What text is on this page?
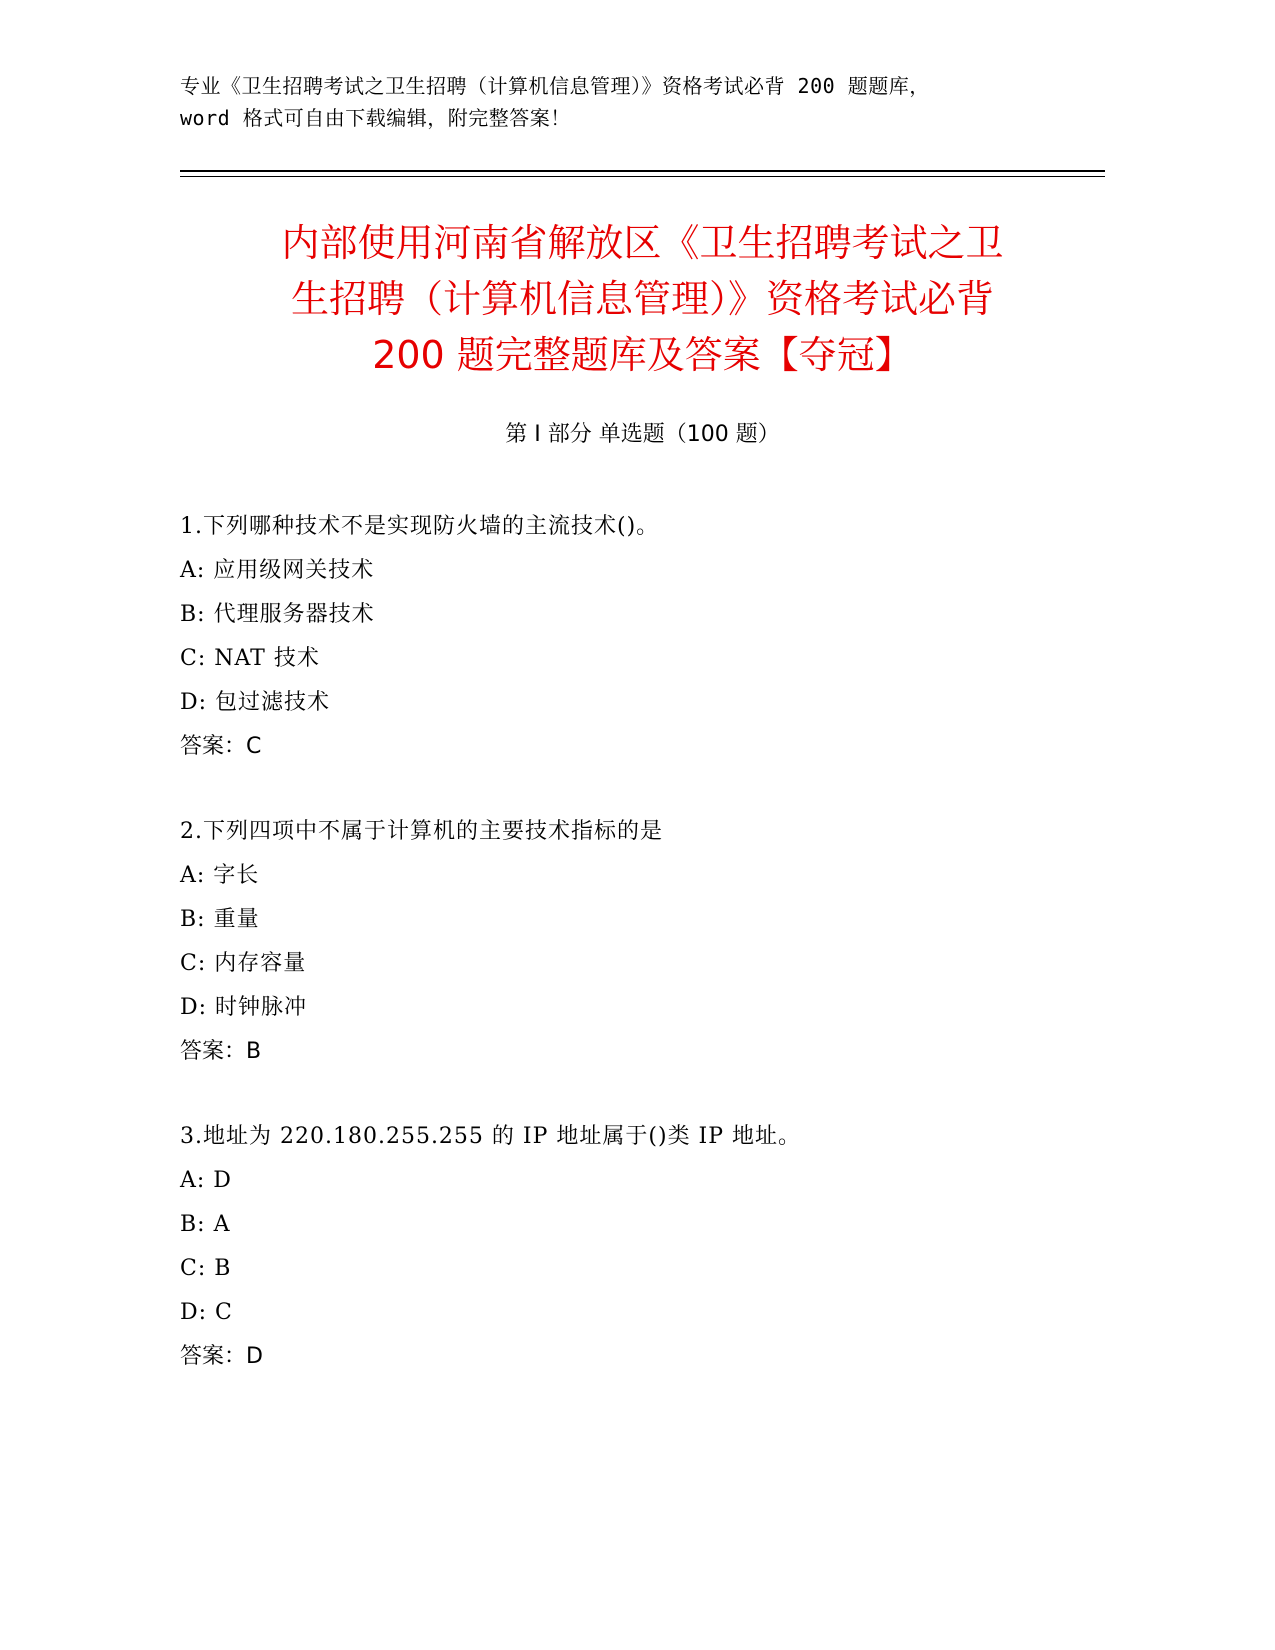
专业《卫生招聘考试之卫生招聘（计算机信息管理）》资格考试必背 200 题题库，
word 格式可自由下载编辑，附完整答案！
内部使用河南省解放区《卫生招聘考试之卫
生招聘（计算机信息管理）》资格考试必背
200 题完整题库及答案【夺冠】
第 I 部分 单选题（100 题）
1.下列哪种技术不是实现防火墙的主流技术()。
A: 应用级网关技术
B: 代理服务器技术
C: NAT 技术
D: 包过滤技术
答案：C
2.下列四项中不属于计算机的主要技术指标的是
A: 字长
B: 重量
C: 内存容量
D: 时钟脉冲
答案：B
3.地址为 220.180.255.255 的 IP 地址属于()类 IP 地址。
A: D
B: A
C: B
D: C
答案：D
